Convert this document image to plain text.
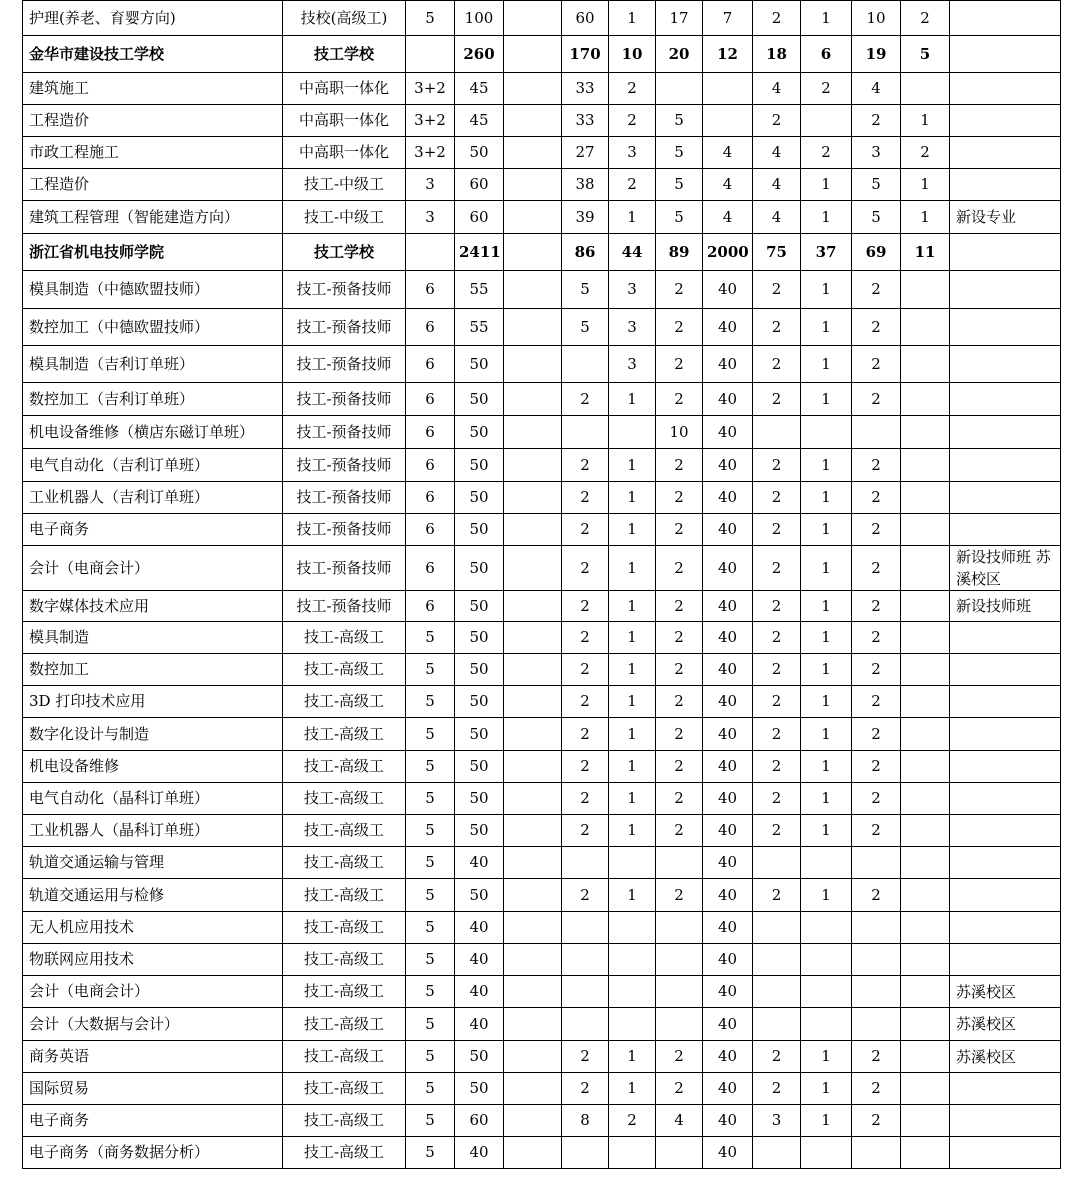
护理(养老、育婴方向)	技校(高级工)	5	100		60	1	17	7	2	1	10	2	
金华市建设技工学校	技工学校		260		170	10	20	12	18	6	19	5	
建筑施工	中高职一体化	3+2	45		33	2			4	2	4		
工程造价	中高职一体化	3+2	45		33	2	5		2		2	1	
市政工程施工	中高职一体化	3+2	50		27	3	5	4	4	2	3	2	
工程造价	技工-中级工	3	60		38	2	5	4	4	1	5	1	
建筑工程管理（智能建造方向）	技工-中级工	3	60		39	1	5	4	4	1	5	1	新设专业
浙江省机电技师学院	技工学校		2411		86	44	89	2000	75	37	69	11	
模具制造（中德欧盟技师）	技工-预备技师	6	55		5	3	2	40	2	1	2		
数控加工（中德欧盟技师）	技工-预备技师	6	55		5	3	2	40	2	1	2		
模具制造（吉利订单班）	技工-预备技师	6	50			3	2	40	2	1	2		
数控加工（吉利订单班）	技工-预备技师	6	50		2	1	2	40	2	1	2		
机电设备维修（横店东磁订单班）	技工-预备技师	6	50				10	40					
电气自动化（吉利订单班）	技工-预备技师	6	50		2	1	2	40	2	1	2		
工业机器人（吉利订单班）	技工-预备技师	6	50		2	1	2	40	2	1	2		
电子商务	技工-预备技师	6	50		2	1	2	40	2	1	2		
会计（电商会计）	技工-预备技师	6	50		2	1	2	40	2	1	2		新设技师班 苏溪校区
数字媒体技术应用	技工-预备技师	6	50		2	1	2	40	2	1	2		新设技师班
模具制造	技工-高级工	5	50		2	1	2	40	2	1	2		
数控加工	技工-高级工	5	50		2	1	2	40	2	1	2		
3D 打印技术应用	技工-高级工	5	50		2	1	2	40	2	1	2		
数字化设计与制造	技工-高级工	5	50		2	1	2	40	2	1	2		
机电设备维修	技工-高级工	5	50		2	1	2	40	2	1	2		
电气自动化（晶科订单班）	技工-高级工	5	50		2	1	2	40	2	1	2		
工业机器人（晶科订单班）	技工-高级工	5	50		2	1	2	40	2	1	2		
轨道交通运输与管理	技工-高级工	5	40					40					
轨道交通运用与检修	技工-高级工	5	50		2	1	2	40	2	1	2		
无人机应用技术	技工-高级工	5	40					40					
物联网应用技术	技工-高级工	5	40					40					
会计（电商会计）	技工-高级工	5	40					40					苏溪校区
会计（大数据与会计）	技工-高级工	5	40					40					苏溪校区
商务英语	技工-高级工	5	50		2	1	2	40	2	1	2		苏溪校区
国际贸易	技工-高级工	5	50		2	1	2	40	2	1	2		
电子商务	技工-高级工	5	60		8	2	4	40	3	1	2		
电子商务（商务数据分析）	技工-高级工	5	40					40					
